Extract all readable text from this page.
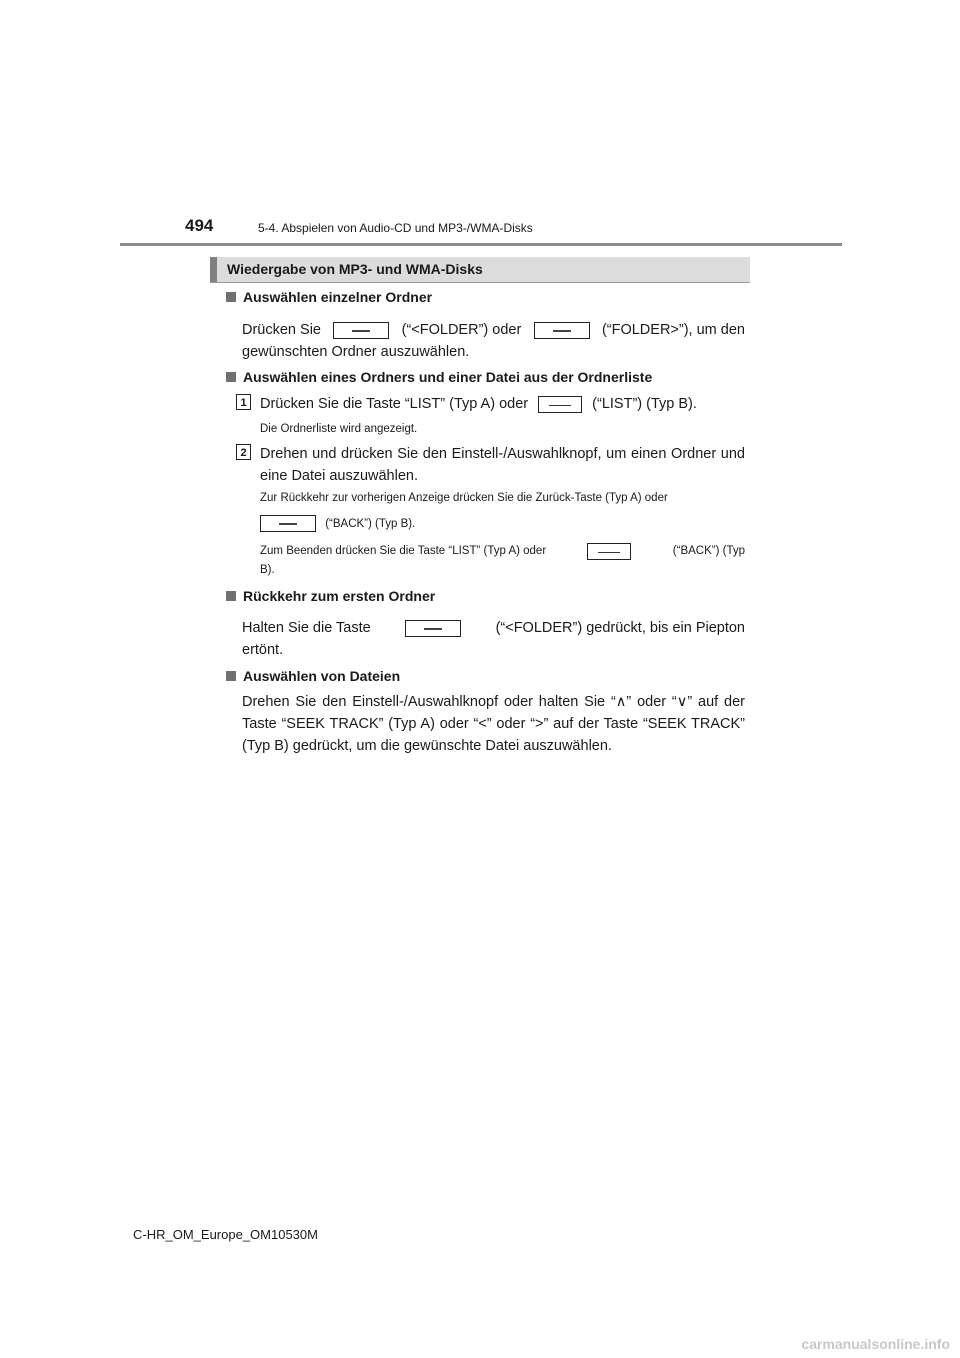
494	5-4. Abspielen von Audio-CD und MP3-/WMA-Disks
Wiedergabe von MP3- und WMA-Disks
Auswählen einzelner Ordner
Drücken Sie	(“<FOLDER”) oder	(“FOLDER>”), um den
gewünschten Ordner auszuwählen.
Auswählen eines Ordners und einer Datei aus der Ordnerliste
1 Drücken Sie die Taste “LIST” (Typ A) oder	(“LIST”) (Typ B).
Die Ordnerliste wird angezeigt.
2 Drehen und drücken Sie den Einstell-/Auswahlknopf, um einen Ordner und eine Datei auszuwählen.
Zur Rückkehr zur vorherigen Anzeige drücken Sie die Zurück-Taste (Typ A) oder
(“BACK”) (Typ B).
Zum Beenden drücken Sie die Taste “LIST” (Typ A) oder	(“BACK”) (Typ
B).
Rückkehr zum ersten Ordner
Halten Sie die Taste	(“<FOLDER”) gedrückt, bis ein Piepton
ertönt.
Auswählen von Dateien
Drehen Sie den Einstell-/Auswahlknopf oder halten Sie “∧” oder “∨” auf der Taste “SEEK TRACK” (Typ A) oder “<” oder “>” auf der Taste “SEEK TRACK” (Typ B) gedrückt, um die gewünschte Datei auszuwählen.
C-HR_OM_Europe_OM10530M
carmanualsonline.info
